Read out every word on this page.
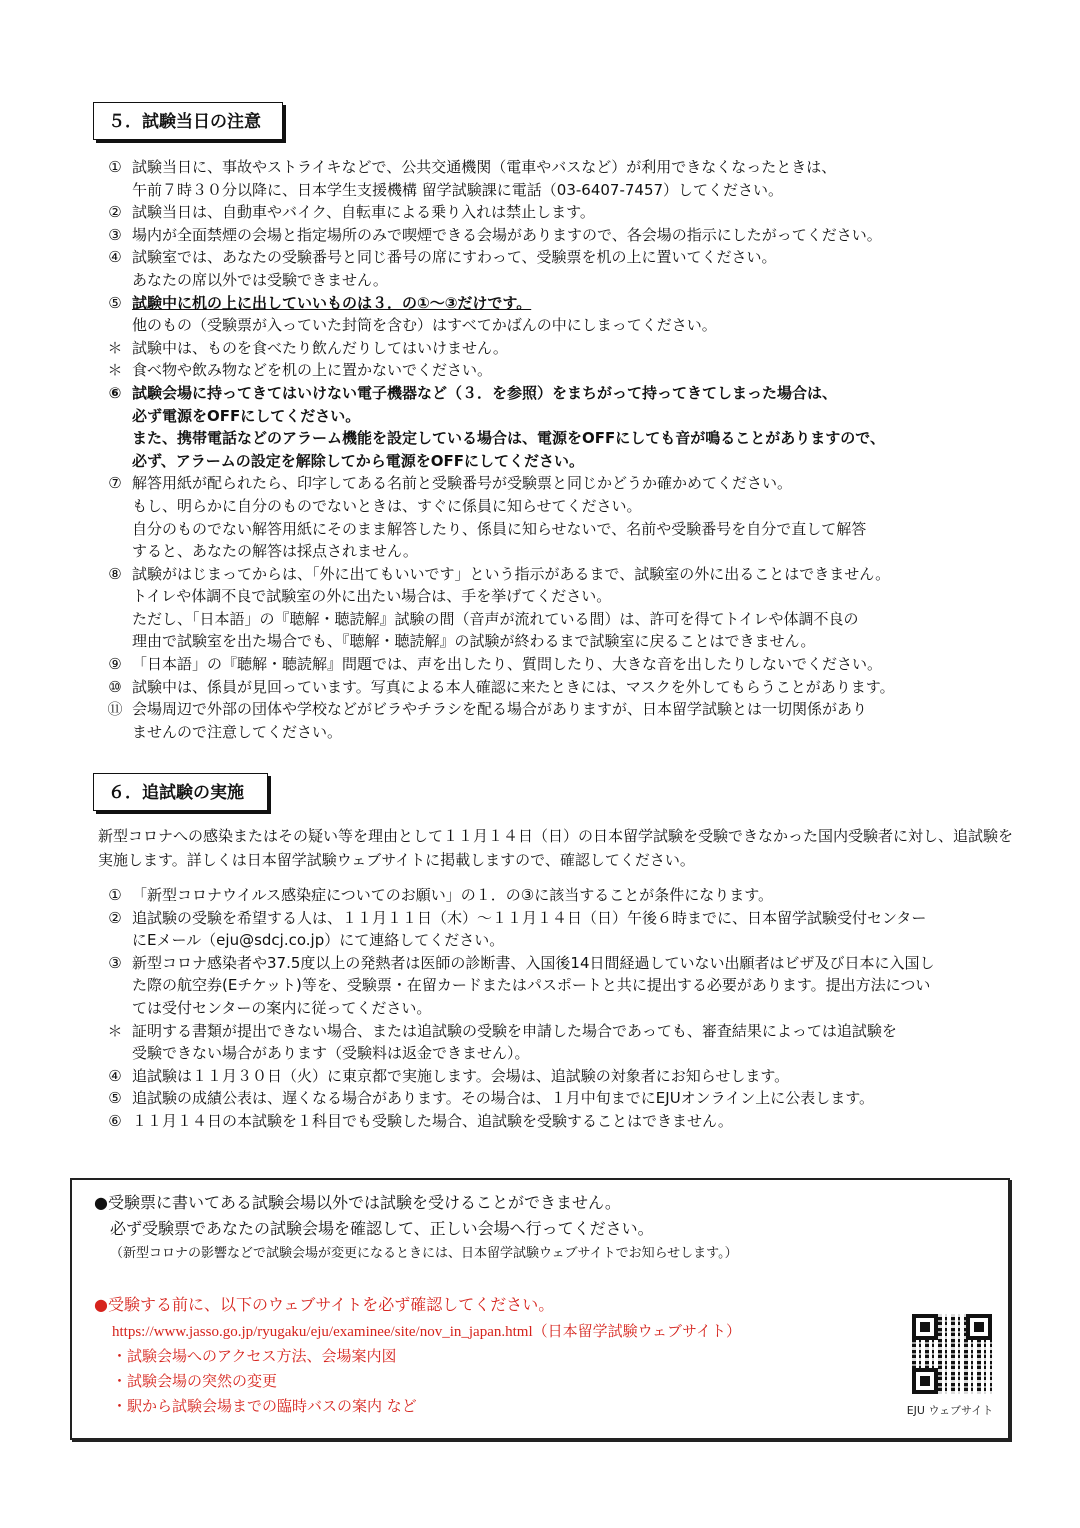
５．試験当日の注意
① 試験当日に、事故やストライキなどで、公共交通機関（電車やバスなど）が利用できなくなったときは、
午前７時３０分以降に、日本学生支援機構 留学試験課に電話（03-6407-7457）してください。
② 試験当日は、自動車やバイク、自転車による乗り入れは禁止します。
③ 場内が全面禁煙の会場と指定場所のみで喫煙できる会場がありますので、各会場の指示にしたがってください。
④ 試験室では、あなたの受験番号と同じ番号の席にすわって、受験票を机の上に置いてください。
あなたの席以外では受験できません。
⑤ 試験中に机の上に出していいものは３．の①～③だけです。
他のもの（受験票が入っていた封筒を含む）はすべてかばんの中にしまってください。
＊ 試験中は、ものを食べたり飲んだりしてはいけません。
＊ 食べ物や飲み物などを机の上に置かないでください。
⑥ 試験会場に持ってきてはいけない電子機器など（３．を参照）をまちがって持ってきてしまった場合は、
必ず電源をOFFにしてください。
また、携帯電話などのアラーム機能を設定している場合は、電源をOFFにしても音が鳴ることがありますので、
必ず、アラームの設定を解除してから電源をOFFにしてください。
⑦ 解答用紙が配られたら、印字してある名前と受験番号が受験票と同じかどうか確かめてください。
もし、明らかに自分のものでないときは、すぐに係員に知らせてください。
自分のものでない解答用紙にそのまま解答したり、係員に知らせないで、名前や受験番号を自分で直して解答
すると、あなたの解答は採点されません。
⑧ 試験がはじまってからは、「外に出てもいいです」という指示があるまで、試験室の外に出ることはできません。
トイレや体調不良で試験室の外に出たい場合は、手を挙げてください。
ただし、「日本語」の『聴解・聴読解』試験の間（音声が流れている間）は、許可を得てトイレや体調不良の
理由で試験室を出た場合でも、『聴解・聴読解』の試験が終わるまで試験室に戻ることはできません。
⑨ 「日本語」の『聴解・聴読解』問題では、声を出したり、質問したり、大きな音を出したりしないでください。
⑩ 試験中は、係員が見回っています。写真による本人確認に来たときには、マスクを外してもらうことがあります。
⑪ 会場周辺で外部の団体や学校などがビラやチラシを配る場合がありますが、日本留学試験とは一切関係があり
ませんので注意してください。
６．追試験の実施
新型コロナへの感染またはその疑い等を理由として１１月１４日（日）の日本留学試験を受験できなかった国内受験者に対し、追試験を実施します。詳しくは日本留学試験ウェブサイトに掲載しますので、確認してください。
① 「新型コロナウイルス感染症についてのお願い」の１．の③に該当することが条件になります。
② 追試験の受験を希望する人は、１１月１１日（木）～１１月１４日（日）午後６時までに、日本留学試験受付センター
にEメール（eju@sdcj.co.jp）にて連絡してください。
③ 新型コロナ感染者や37.5度以上の発熱者は医師の診断書、入国後14日間経過していない出願者はビザ及び日本に入国し
た際の航空券(Eチケット)等を、受験票・在留カードまたはパスポートと共に提出する必要があります。提出方法につい
ては受付センターの案内に従ってください。
＊ 証明する書類が提出できない場合、または追試験の受験を申請した場合であっても、審査結果によっては追試験を
受験できない場合があります（受験料は返金できません）。
④ 追試験は１１月３０日（火）に東京都で実施します。会場は、追試験の対象者にお知らせします。
⑤ 追試験の成績公表は、遅くなる場合があります。その場合は、１月中旬までにEJUオンライン上に公表します。
⑥ １１月１４日の本試験を１科目でも受験した場合、追試験を受験することはできません。
●受験票に書いてある試験会場以外では試験を受けることができません。
必ず受験票であなたの試験会場を確認して、正しい会場へ行ってください。
（新型コロナの影響などで試験会場が変更になるときには、日本留学試験ウェブサイトでお知らせします。）
●受験する前に、以下のウェブサイトを必ず確認してください。
https://www.jasso.go.jp/ryugaku/eju/examinee/site/nov_in_japan.html（日本留学試験ウェブサイト）
・試験会場へのアクセス方法、会場案内図
・試験会場の突然の変更
・駅から試験会場までの臨時バスの案内 など	EJU ウェブサイト
